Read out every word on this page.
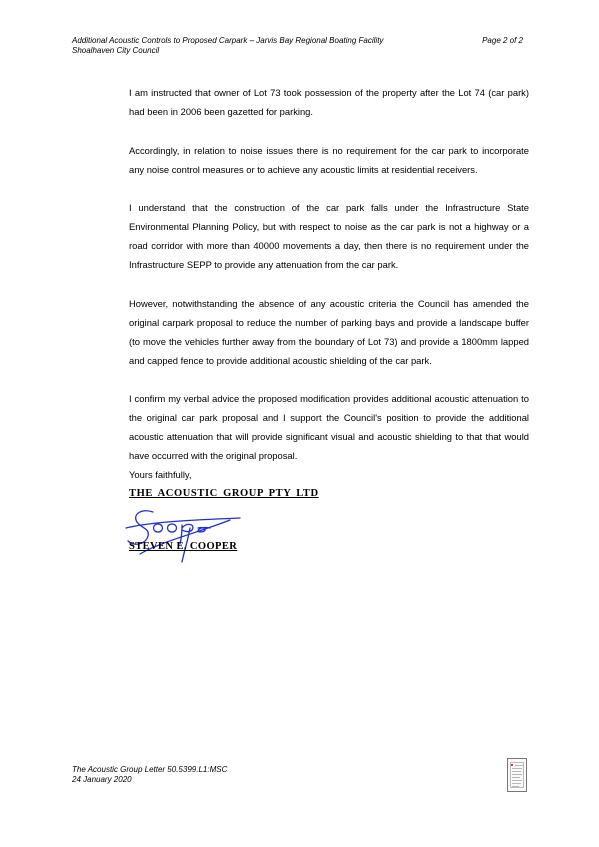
Additional Acoustic Controls to Proposed Carpark – Jarvis Bay Regional Boating Facility	Page 2 of 2
Shoalhaven City Council

I am instructed that owner of Lot 73 took possession of the property after the Lot 74 (car park) had been in 2006 been gazetted for parking.

Accordingly, in relation to noise issues there is no requirement for the car park to incorporate any noise control measures or to achieve any acoustic limits at residential receivers.

I understand that the construction of the car park falls under the Infrastructure State Environmental Planning Policy, but with respect to noise as the car park is not a highway or a road corridor with more than 40000 movements a day, then there is no requirement under the Infrastructure SEPP to provide any attenuation from the car park.

However, notwithstanding the absence of any acoustic criteria the Council has amended the original carpark proposal to reduce the number of parking bays and provide a landscape buffer (to move the vehicles further away from the boundary of Lot 73) and provide a 1800mm lapped and capped fence to provide additional acoustic shielding of the car park.

I confirm my verbal advice the proposed modification provides additional acoustic attenuation to the original car park proposal and I support the Council's position to provide the additional acoustic attenuation that will provide significant visual and acoustic shielding to that that would have occurred with the original proposal.

Yours faithfully,
THE ACOUSTIC GROUP PTY LTD
STEVEN E. COOPER
The Acoustic Group Letter 50.5399.L1:MSC
24 January 2020
